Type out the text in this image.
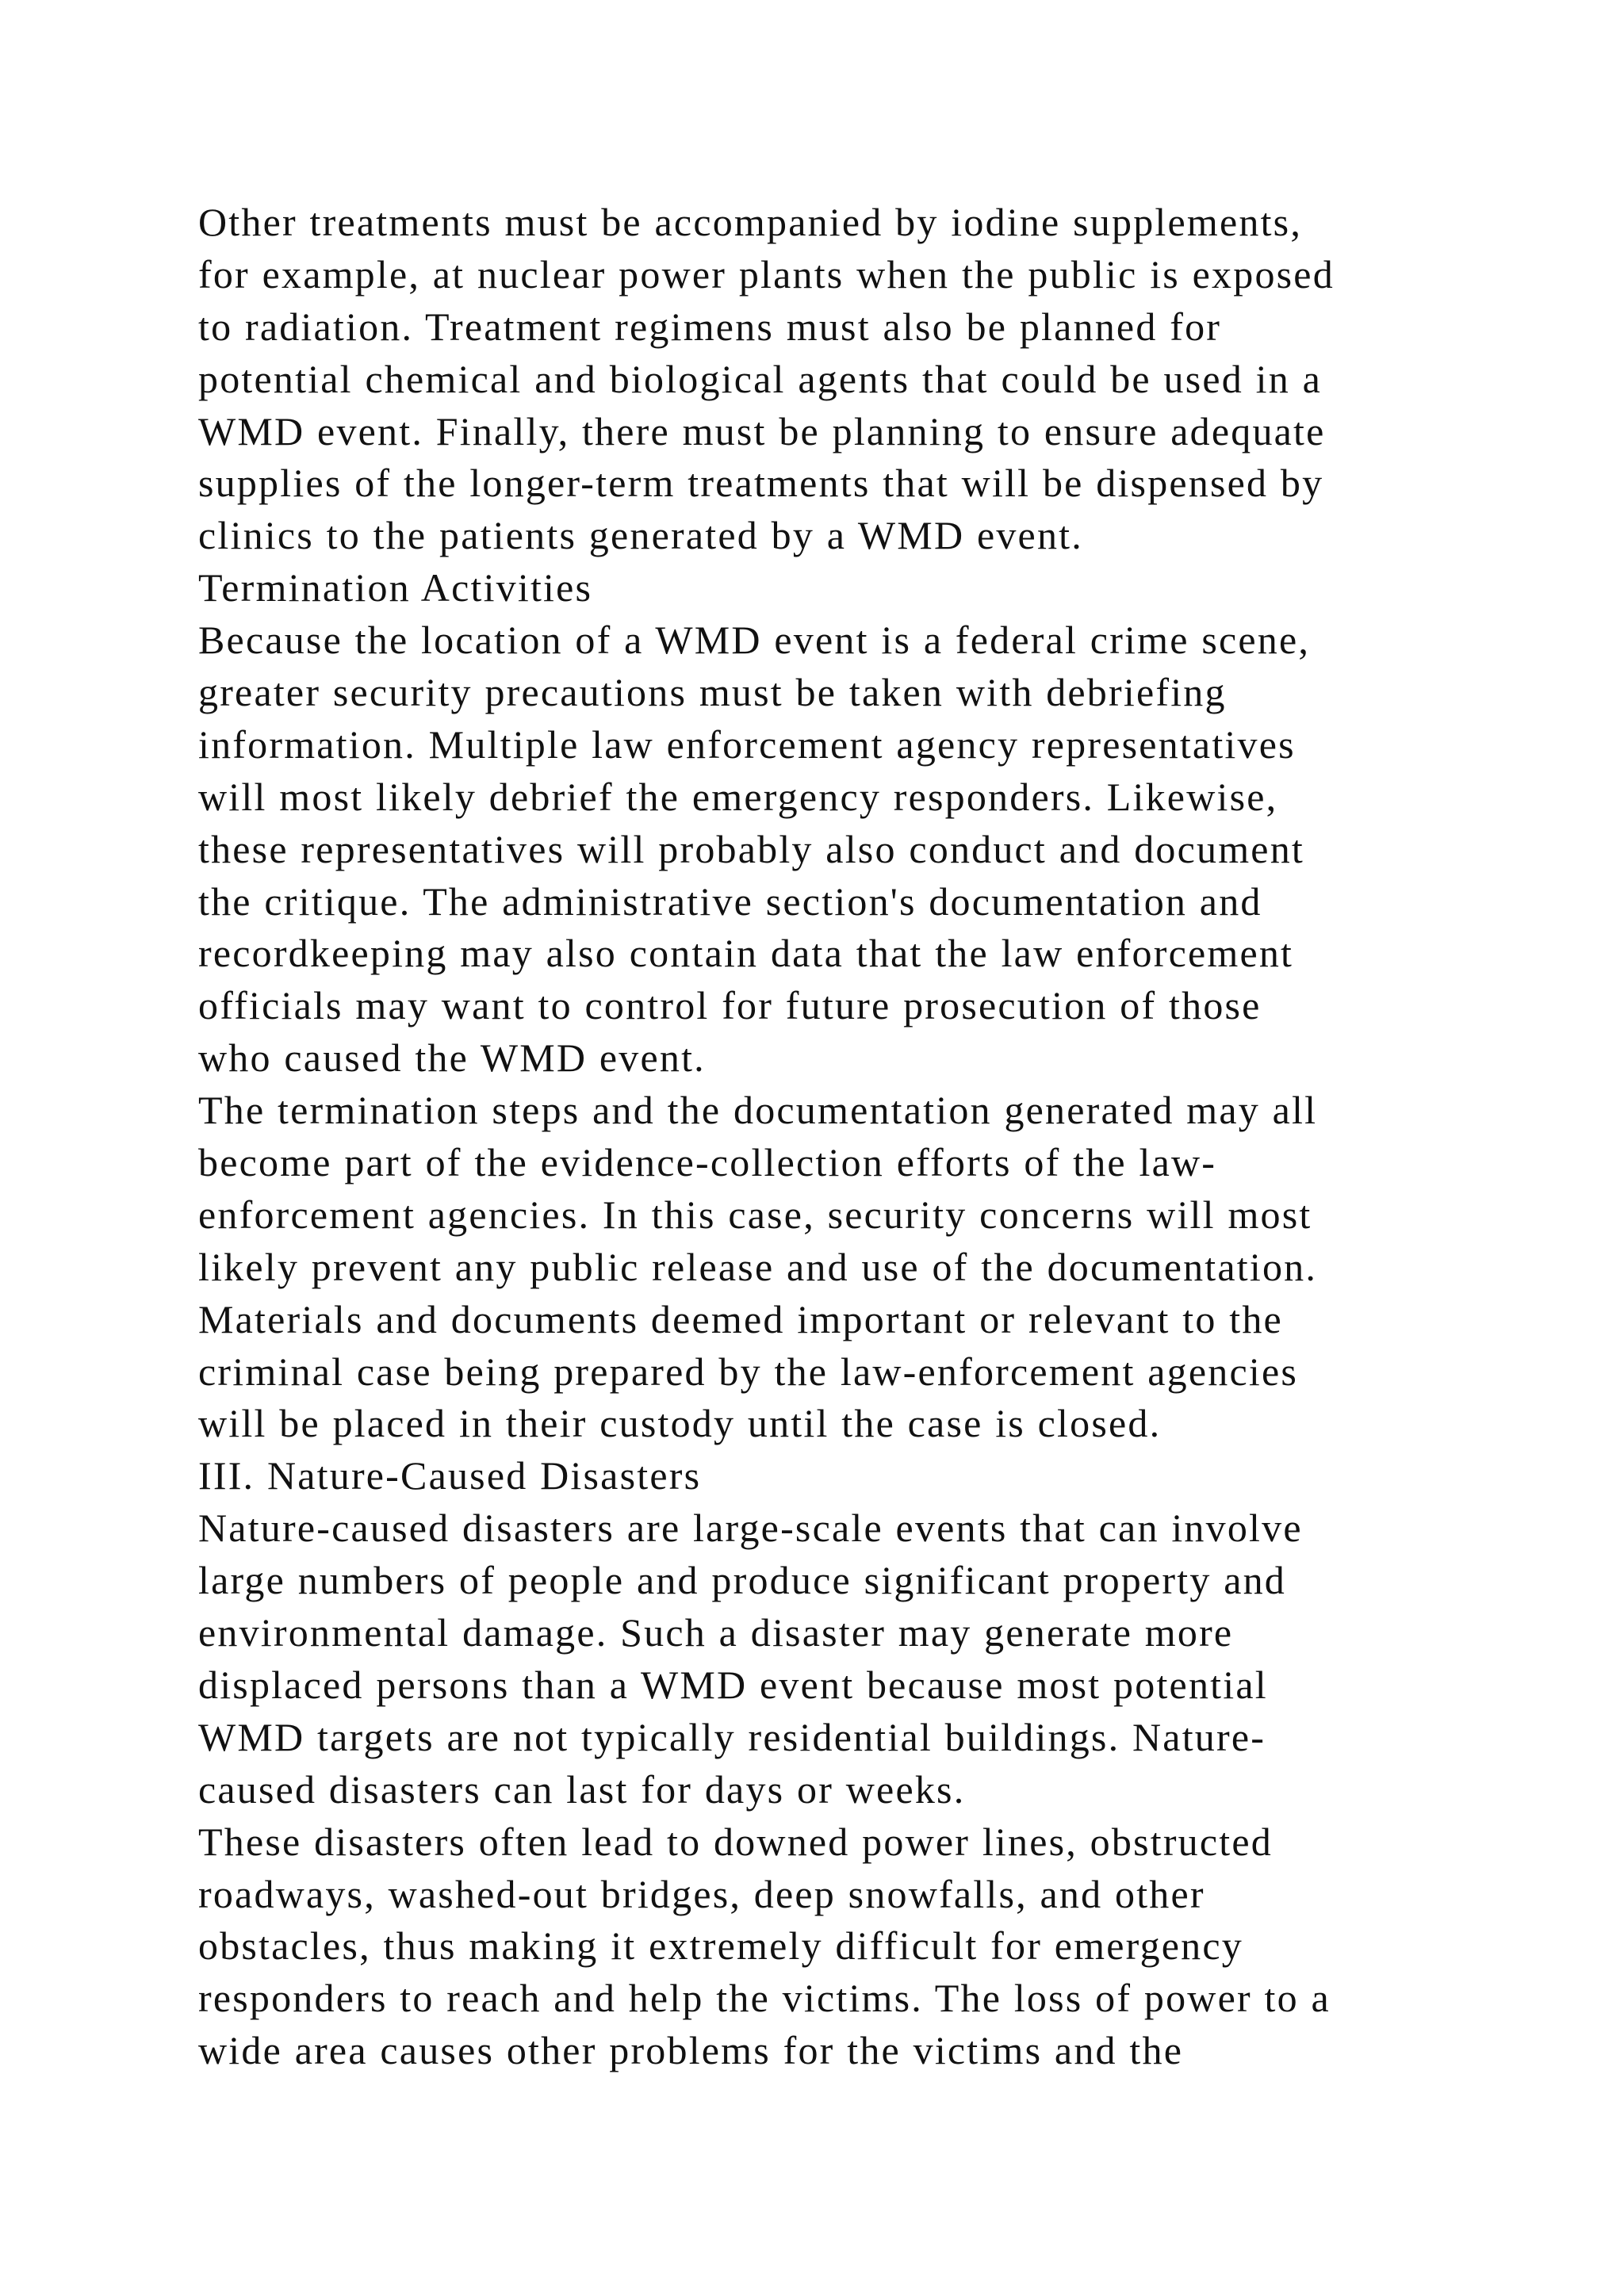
Other treatments must be accompanied by iodine supplements,
for example, at nuclear power plants when the public is exposed
to radiation. Treatment regimens must also be planned for
potential chemical and biological agents that could be used in a
WMD event. Finally, there must be planning to ensure adequate
supplies of the longer-term treatments that will be dispensed by
clinics to the patients generated by a WMD event.
Termination Activities
Because the location of a WMD event is a federal crime scene,
greater security precautions must be taken with debriefing
information. Multiple law enforcement agency representatives
will most likely debrief the emergency responders. Likewise,
these representatives will probably also conduct and document
the critique. The administrative section's documentation and
recordkeeping may also contain data that the law enforcement
officials may want to control for future prosecution of those
who caused the WMD event.
The termination steps and the documentation generated may all
become part of the evidence-collection efforts of the law-
enforcement agencies. In this case, security concerns will most
likely prevent any public release and use of the documentation.
Materials and documents deemed important or relevant to the
criminal case being prepared by the law-enforcement agencies
will be placed in their custody until the case is closed.
III. Nature-Caused Disasters
Nature-caused disasters are large-scale events that can involve
large numbers of people and produce significant property and
environmental damage. Such a disaster may generate more
displaced persons than a WMD event because most potential
WMD targets are not typically residential buildings. Nature-
caused disasters can last for days or weeks.
These disasters often lead to downed power lines, obstructed
roadways, washed-out bridges, deep snowfalls, and other
obstacles, thus making it extremely difficult for emergency
responders to reach and help the victims. The loss of power to a
wide area causes other problems for the victims and the
